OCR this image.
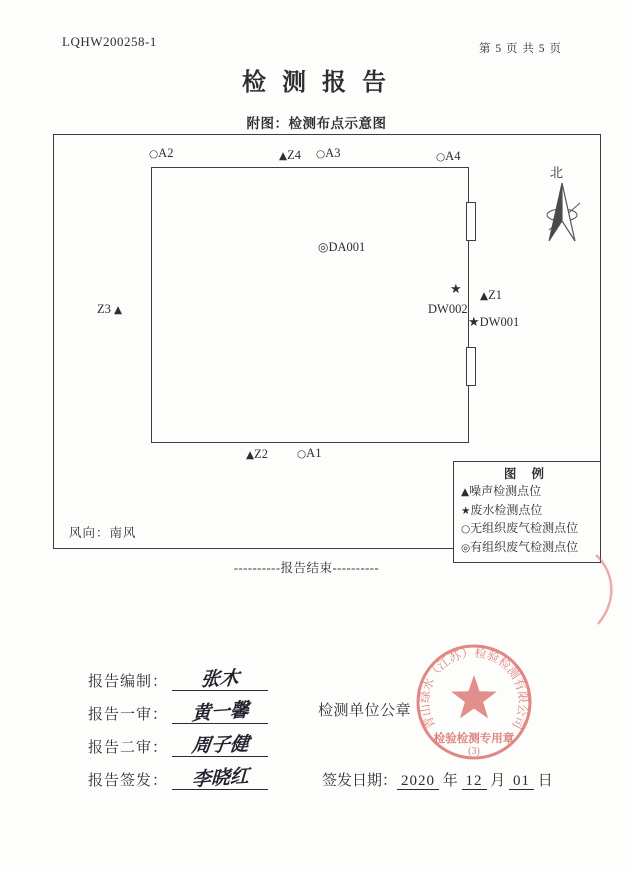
LQHW200258-1	第 5 页 共 5 页
检 测 报 告
附图：检测布点示意图
○A2	▲Z4 ○A3	○A4
◎DA001
★
DW002
▲Z1
★DW001
Z3 ▲
▲Z2	○A1
北
图 例
▲噪声检测点位
★废水检测点位
○无组织废气检测点位
◎有组织废气检测点位
风向：南风
----------报告结束----------
报告编制： 张木
报告一审： 黄一馨
报告二审： 周子健
报告签发： 李晓红
检测单位公章
签发日期： 2020 年 12 月 01 日
青山绿水（江苏）检验检测有限公司
检验检测专用章
(3)
